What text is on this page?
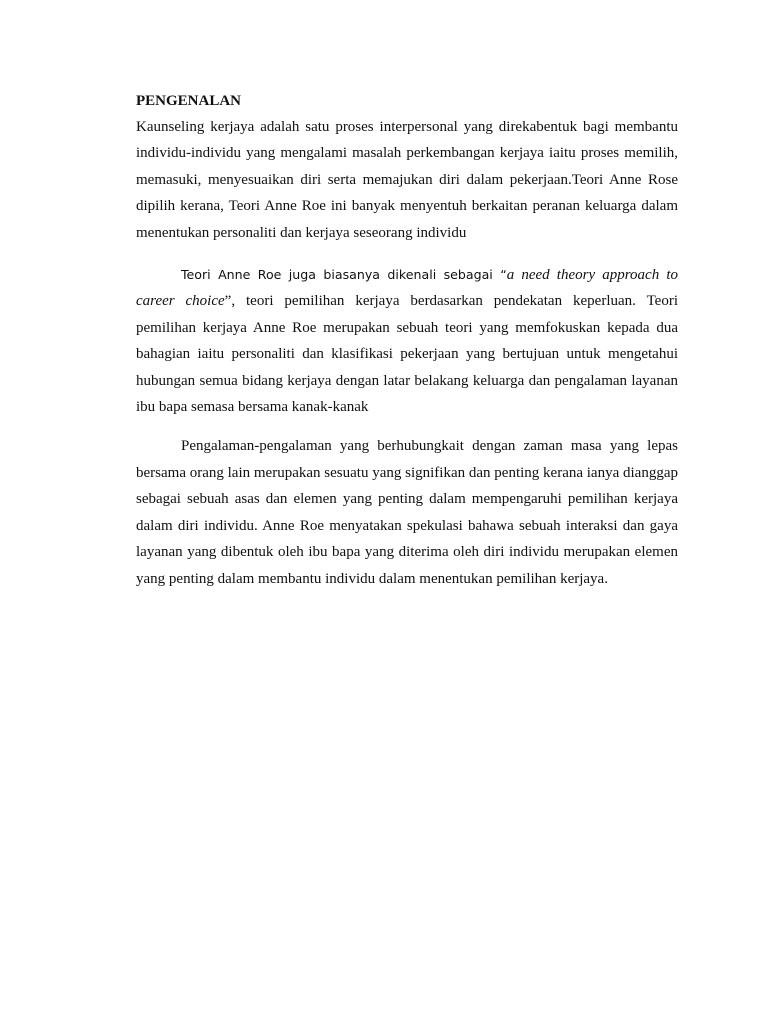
PENGENALAN

Kaunseling kerjaya adalah satu proses interpersonal yang direkabentuk bagi membantu individu-individu yang mengalami masalah perkembangan kerjaya iaitu proses memilih, memasuki, menyesuaikan diri serta memajukan diri dalam pekerjaan.Teori Anne Rose dipilih kerana, Teori Anne Roe ini banyak menyentuh berkaitan peranan keluarga dalam menentukan personaliti dan kerjaya seseorang individu

Teori Anne Roe juga biasanya dikenali sebagai “a need theory approach to career choice”, teori pemilihan kerjaya berdasarkan pendekatan keperluan. Teori pemilihan kerjaya Anne Roe merupakan sebuah teori yang memfokuskan kepada dua bahagian iaitu personaliti dan klasifikasi pekerjaan yang bertujuan untuk mengetahui hubungan semua bidang kerjaya dengan latar belakang keluarga dan pengalaman layanan ibu bapa semasa bersama kanak-kanak

Pengalaman-pengalaman yang berhubungkait dengan zaman masa yang lepas bersama orang lain merupakan sesuatu yang signifikan dan penting kerana ianya dianggap sebagai sebuah asas dan elemen yang penting dalam mempengaruhi pemilihan kerjaya dalam diri individu. Anne Roe menyatakan spekulasi bahawa sebuah interaksi dan gaya layanan yang dibentuk oleh ibu bapa yang diterima oleh diri individu merupakan elemen yang penting dalam membantu individu dalam menentukan pemilihan kerjaya.
